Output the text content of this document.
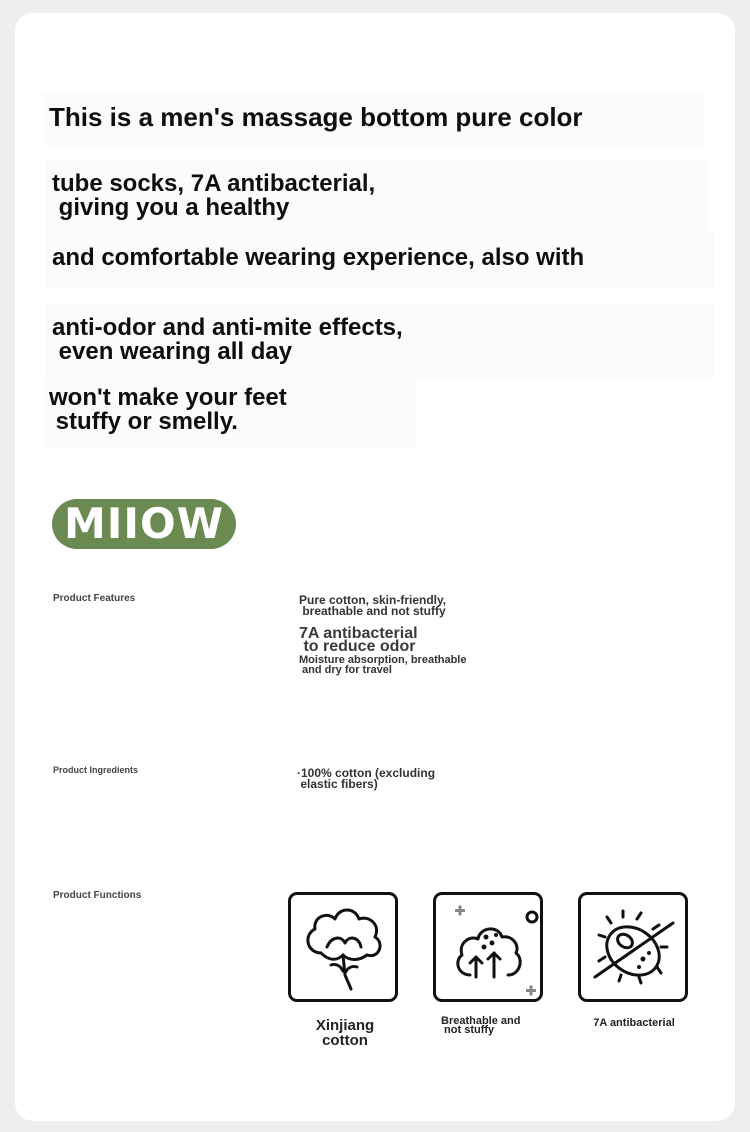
This is a men's massage bottom pure color
tube socks, 7A antibacterial,
giving you a healthy
and comfortable wearing experience, also with
anti-odor and anti-mite effects,
even wearing all day
won't make your feet
stuffy or smelly.
MIIOW
Product Features	Pure cotton, skin-friendly,
breathable and not stuffy
7A antibacterial
to reduce odor
Moisture absorption, breathable
and dry for travel
Product Ingredients	·100% cotton (excluding
elastic fibers)
Product Functions
Xinjiang
cotton
Breathable and
not stuffy
7A antibacterial
